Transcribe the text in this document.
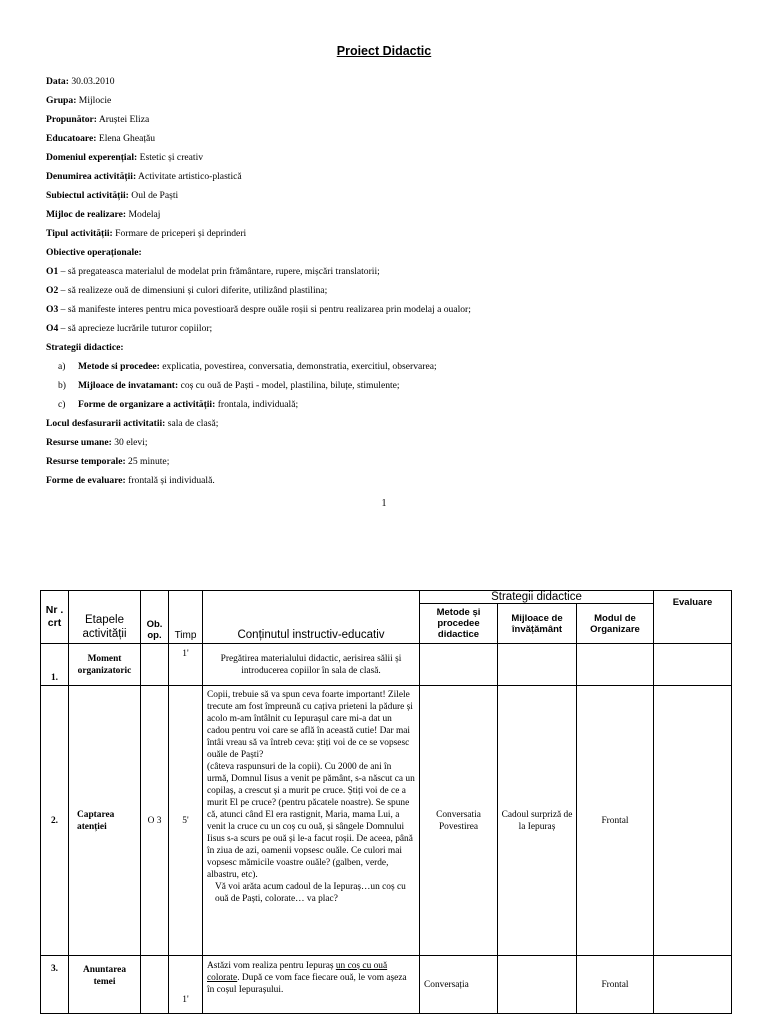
Proiect Didactic
Data: 30.03.2010
Grupa: Mijlocie
Propunător: Aruștei Eliza
Educatoare: Elena Gheațău
Domeniul experențial: Estetic și creativ
Denumirea activității: Activitate artistico-plastică
Subiectul activității: Oul de Paști
Mijloc de realizare: Modelaj
Tipul activității: Formare de priceperi și deprinderi
Obiective operaționale:
O1 – să pregateasca materialul de modelat prin frământare, rupere, mișcări translatorii;
O2 – să realizeze ouă de dimensiuni și culori diferite, utilizând plastilina;
O3 – să manifeste interes pentru mica povestioară despre ouăle roșii si pentru realizarea prin modelaj a oualor;
O4 – să aprecieze lucrările tuturor copiilor;
Strategii didactice:
a) Metode si procedee: explicatia, povestirea, conversatia, demonstratia, exercitiul, observarea;
b) Mijloace de invatamant: coș cu ouă de Paști - model, plastilina, biluțe, stimulente;
c) Forme de organizare a activității: frontala, individuală;
Locul desfasurarii activitatii: sala de clasă;
Resurse umane: 30 elevi;
Resurse temporale: 25 minute;
Forme de evaluare: frontală și individuală.
1
Nr . crt	Etapele activității	Ob. op.	Timp	Conținutul instructiv-educativ	Strategii didactice			Evaluare
					Metode și procedee didactice	Mijloace de învățământ	Modul de Organizare	
1.	Moment organizatoric		1'	Pregătirea materialului didactic, aerisirea sălii și introducerea copiilor în sala de clasă.				
2.	Captarea atenției	O 3	5'	Copii, trebuie să va spun ceva foarte important! Zilele trecute am fost împreună cu cațiva prieteni la pădure și acolo m-am întâlnit cu Iepurașul care mi-a dat un cadou pentru voi care se află în această cutie! Dar mai întâi vreau să va întreb ceva: știți voi de ce se vopsesc ouăle de Paști?
(câteva raspunsuri de la copii). Cu 2000 de ani în urmă, Domnul Iisus a venit pe pământ, s-a născut ca un copilaș, a crescut și a murit pe cruce. Știți voi de ce a murit El pe cruce? (pentru păcatele noastre). Se spune că, atunci când El era rastignit, Maria, mama Lui, a venit la cruce cu un coș cu ouă, și sângele Domnului Iisus s-a scurs pe ouă și le-a facut roșii. De aceea, până în ziua de azi, oamenii vopsesc ouăle. Ce culori mai vopsesc mămicile voastre ouăle? (galben, verde, albastru, etc).
Vă voi arăta acum cadoul de la Iepuraș…un coș cu ouă de Paști, colorate… va plac?	Conversatia Povestirea	Cadoul surpriză de la Iepuraș	Frontal	
3.	Anuntarea temei		1'	Astăzi vom realiza pentru Iepuraș un coș cu ouă colorate. După ce vom face fiecare ouă, le vom așeza în coșul Iepurașului.	Conversația		Frontal	
